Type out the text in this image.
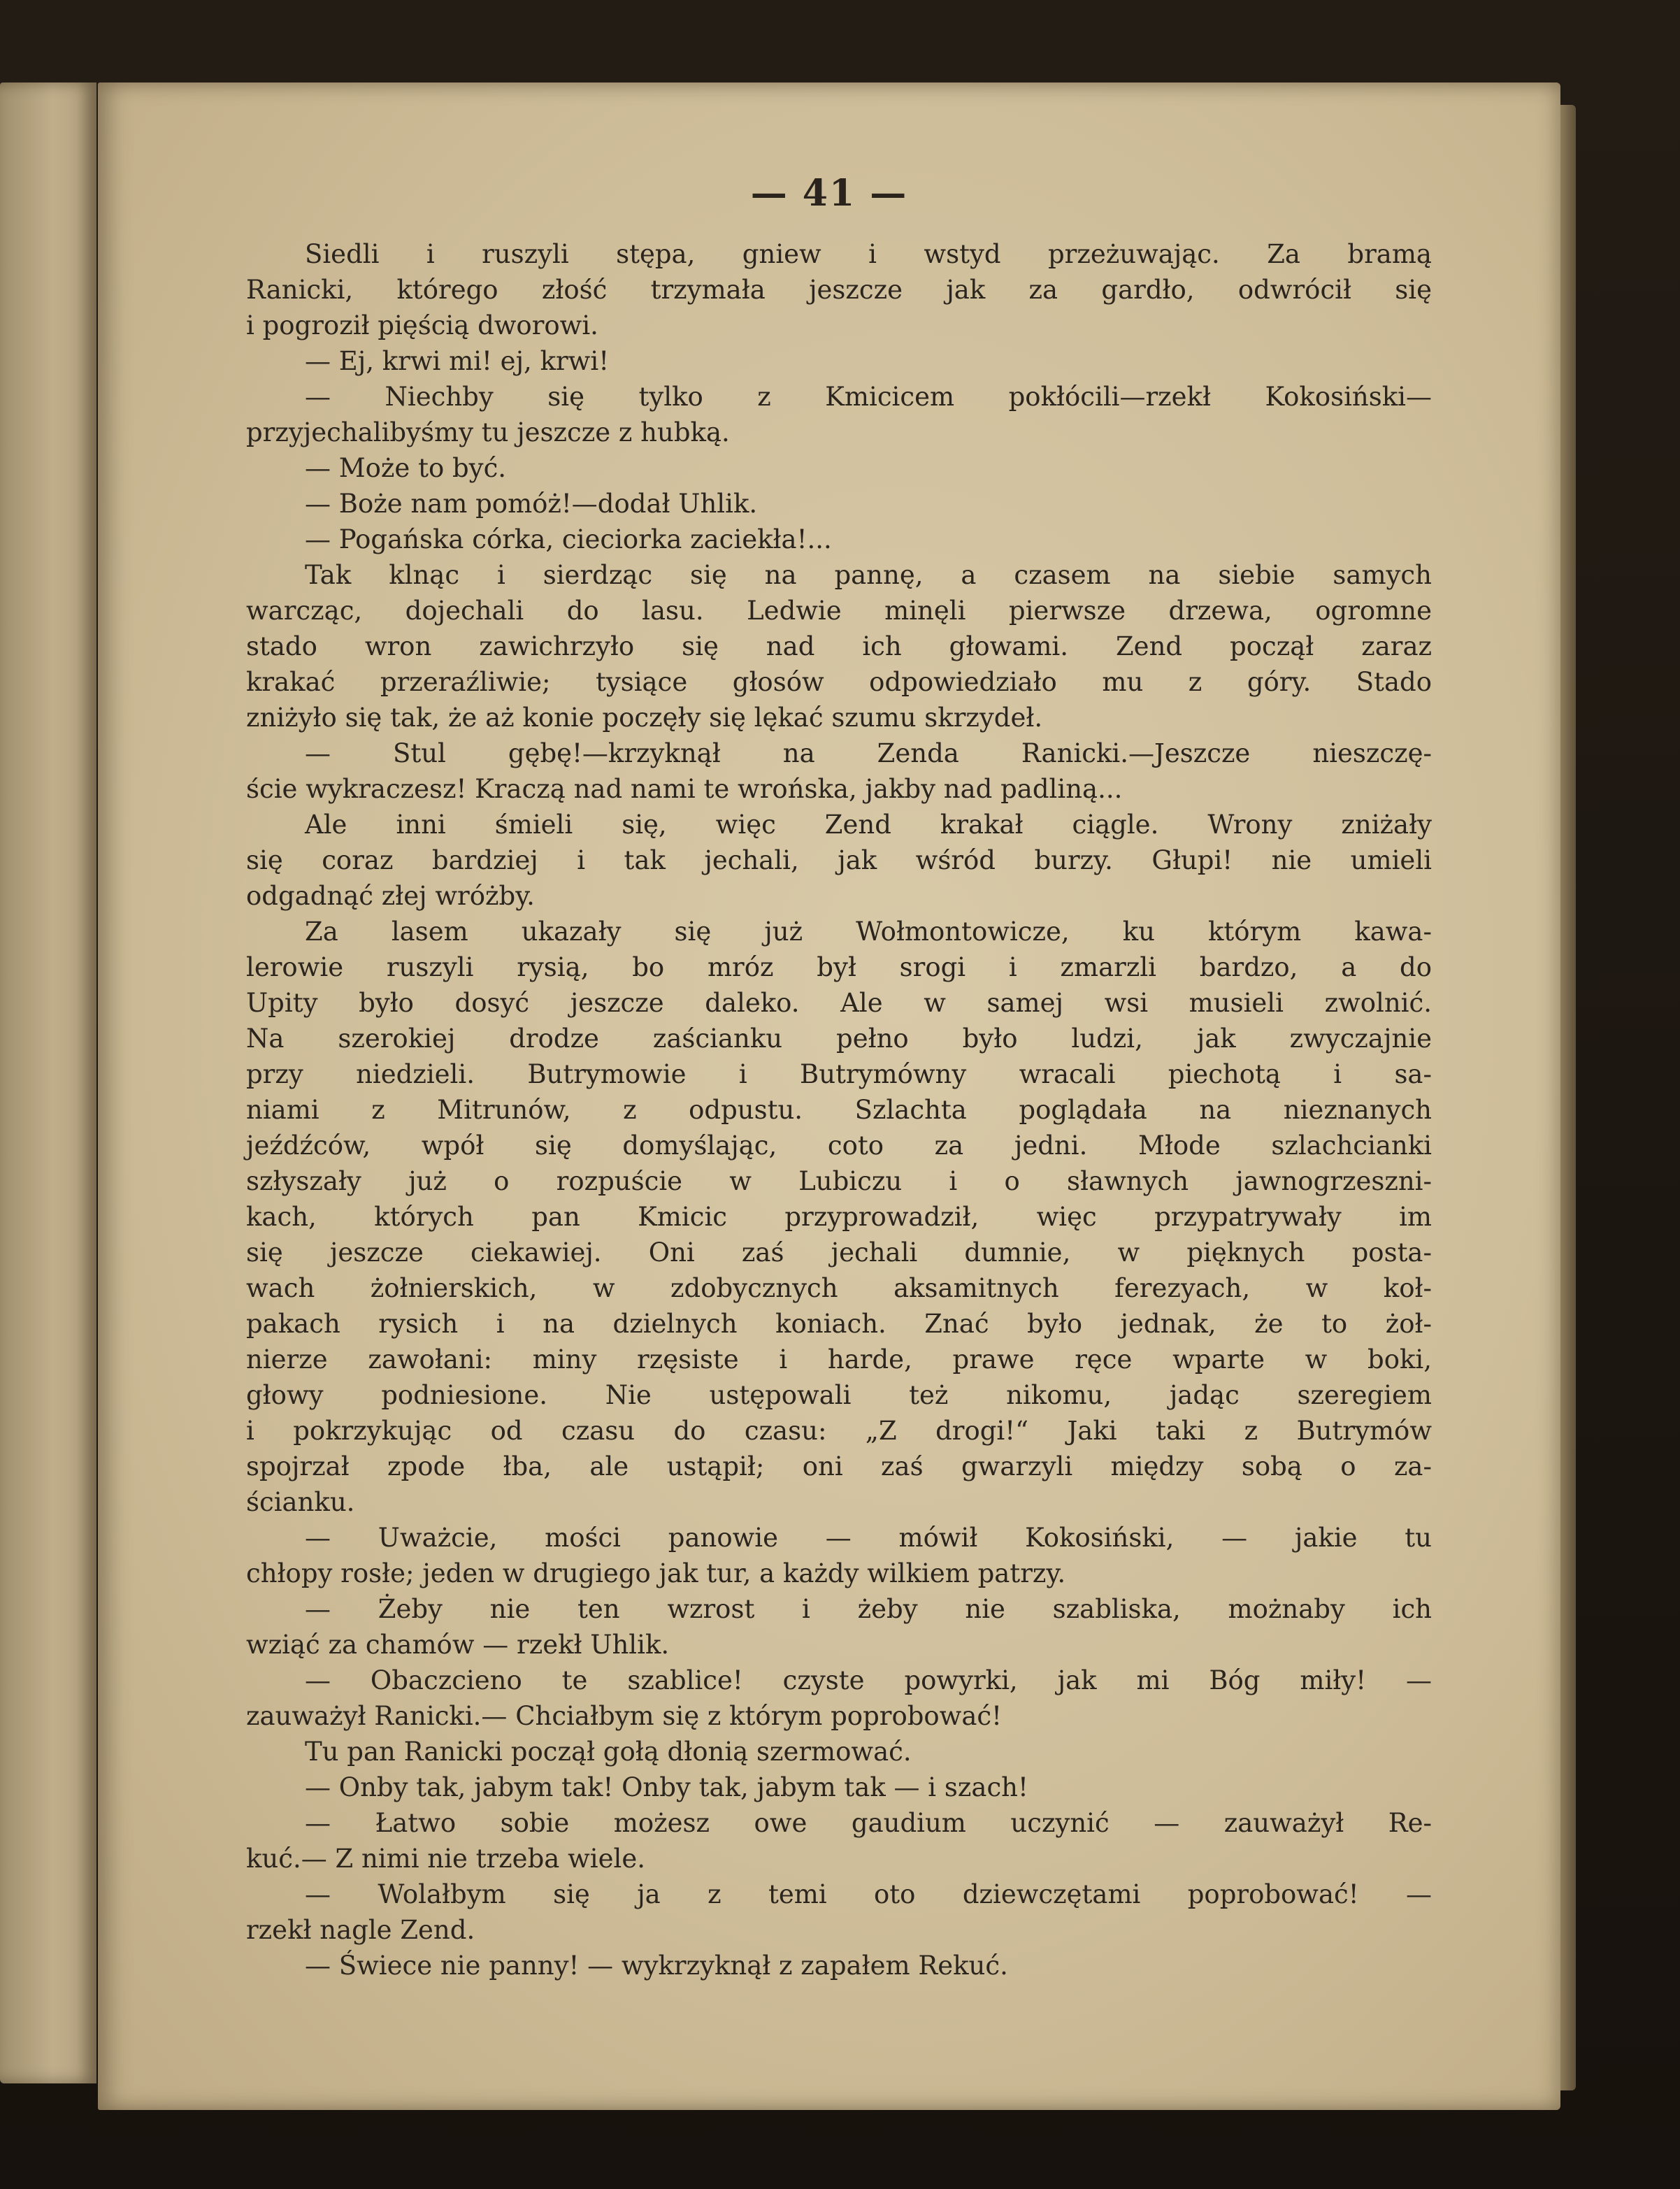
— 41 —
Siedli i ruszyli stępa, gniew i wstyd przeżuwając. Za bramą
Ranicki, którego złość trzymała jeszcze jak za gardło, odwrócił się
i pogroził pięścią dworowi.
— Ej, krwi mi! ej, krwi!
— Niechby się tylko z Kmicicem pokłócili—rzekł Kokosiński—
przyjechalibyśmy tu jeszcze z hubką.
— Może to być.
— Boże nam pomóż!—dodał Uhlik.
— Pogańska córka, cieciorka zaciekła!...
Tak klnąc i sierdząc się na pannę, a czasem na siebie samych
warcząc, dojechali do lasu. Ledwie minęli pierwsze drzewa, ogromne
stado wron zawichrzyło się nad ich głowami. Zend począł zaraz
krakać przeraźliwie; tysiące głosów odpowiedziało mu z góry. Stado
zniżyło się tak, że aż konie poczęły się lękać szumu skrzydeł.
— Stul gębę!—krzyknął na Zenda Ranicki.—Jeszcze nieszczę-
ście wykraczesz! Kraczą nad nami te wrońska, jakby nad padliną...
Ale inni śmieli się, więc Zend krakał ciągle. Wrony zniżały
się coraz bardziej i tak jechali, jak wśród burzy. Głupi! nie umieli
odgadnąć złej wróżby.
Za lasem ukazały się już Wołmontowicze, ku którym kawa-
lerowie ruszyli rysią, bo mróz był srogi i zmarzli bardzo, a do
Upity było dosyć jeszcze daleko. Ale w samej wsi musieli zwolnić.
Na szerokiej drodze zaścianku pełno było ludzi, jak zwyczajnie
przy niedzieli. Butrymowie i Butrymówny wracali piechotą i sa-
niami z Mitrunów, z odpustu. Szlachta poglądała na nieznanych
jeźdźców, wpół się domyślając, coto za jedni. Młode szlachcianki
szłyszały już o rozpuście w Lubiczu i o sławnych jawnogrzeszni-
kach, których pan Kmicic przyprowadził, więc przypatrywały im
się jeszcze ciekawiej. Oni zaś jechali dumnie, w pięknych posta-
wach żołnierskich, w zdobycznych aksamitnych ferezyach, w koł-
pakach rysich i na dzielnych koniach. Znać było jednak, że to żoł-
nierze zawołani: miny rzęsiste i harde, prawe ręce wparte w boki,
głowy podniesione. Nie ustępowali też nikomu, jadąc szeregiem
i pokrzykując od czasu do czasu: „Z drogi!“ Jaki taki z Butrymów
spojrzał zpode łba, ale ustąpił; oni zaś gwarzyli między sobą o za-
ścianku.
— Uważcie, mości panowie — mówił Kokosiński, — jakie tu
chłopy rosłe; jeden w drugiego jak tur, a każdy wilkiem patrzy.
— Żeby nie ten wzrost i żeby nie szabliska, możnaby ich
wziąć za chamów — rzekł Uhlik.
— Obaczcieno te szablice! czyste powyrki, jak mi Bóg miły! —
zauważył Ranicki.— Chciałbym się z którym poprobować!
Tu pan Ranicki począł gołą dłonią szermować.
— Onby tak, jabym tak! Onby tak, jabym tak — i szach!
— Łatwo sobie możesz owe gaudium uczynić — zauważył Re-
kuć.— Z nimi nie trzeba wiele.
— Wolałbym się ja z temi oto dziewczętami poprobować! —
rzekł nagle Zend.
— Świece nie panny! — wykrzyknął z zapałem Rekuć.
